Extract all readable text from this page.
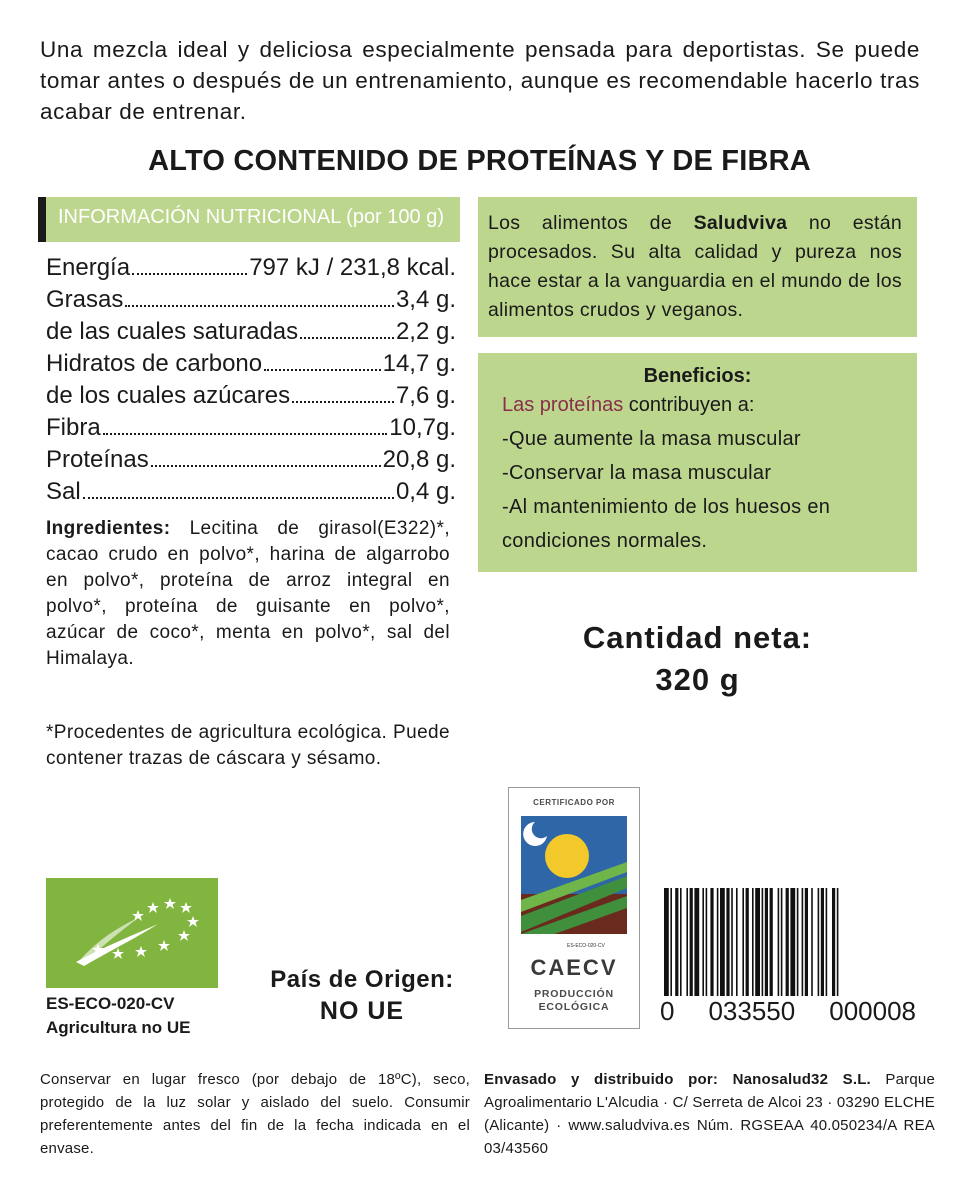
Una mezcla ideal y deliciosa especialmente pensada para deportistas. Se puede tomar antes o después de un entrenamiento, aunque es recomendable hacerlo tras acabar de entrenar.
ALTO CONTENIDO DE PROTEÍNAS Y DE FIBRA
INFORMACIÓN NUTRICIONAL (por 100 g)
Energía	797 kJ / 231,8 kcal.
Grasas	3,4 g.
de las cuales saturadas	2,2 g.
Hidratos de carbono	14,7 g.
de los cuales azúcares	7,6 g.
Fibra	10,7g.
Proteínas	20,8 g.
Sal	0,4 g.
Ingredientes: Lecitina de girasol(E322)*, cacao crudo en polvo*, harina de algarrobo en polvo*, proteína de arroz integral en polvo*, proteína de guisante en polvo*, azúcar de coco*, menta en polvo*, sal del Himalaya.
*Procedentes de agricultura ecológica. Puede contener trazas de cáscara y sésamo.

Los alimentos de Saludviva no están procesados. Su alta calidad y pureza nos hace estar a la vanguardia en el mundo de los alimentos crudos y veganos.

Beneficios:
Las proteínas contribuyen a:
-Que aumente la masa muscular
-Conservar la masa muscular
-Al mantenimiento de los huesos en
condiciones normales.
Cantidad neta:
320 g
ES-ECO-020-CV
Agricultura no UE
País de Origen:
NO UE
CERTIFICADO POR
ES-ECO-020-CV
CAECV
PRODUCCIÓN
ECOLÓGICA	0 033550 000008
Conservar en lugar fresco (por debajo de 18ºC), seco, protegido de la luz solar y aislado del suelo. Consumir preferentemente antes del fin de la fecha indicada en el envase.
Envasado y distribuido por: Nanosalud32 S.L. Parque Agroalimentario L'Alcudia · C/ Serreta de Alcoi 23 · 03290 ELCHE (Alicante) · www.saludviva.es Núm. RGSEAA 40.050234/A REA 03/43560
